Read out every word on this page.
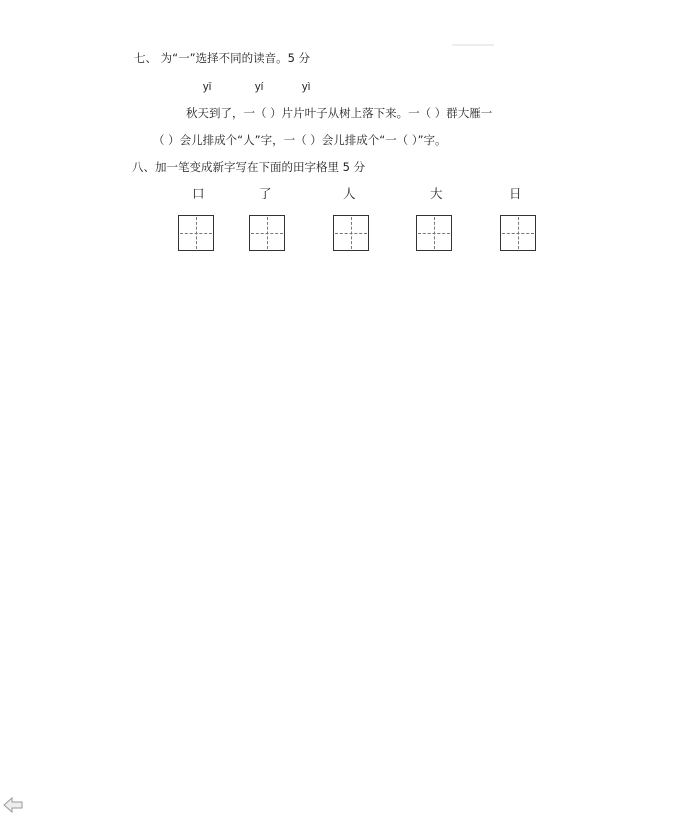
七、 为“一”选择不同的读音。5 分
yī	yí	yì
秋天到了，一（ ）片片叶子从树上落下来。一（ ）群大雁一
（ ）会儿排成个“人”字，一（ ）会儿排成个“一（ ）”字。
八、加一笔变成新字写在下面的田字格里 5 分
口	了	人	大	日
